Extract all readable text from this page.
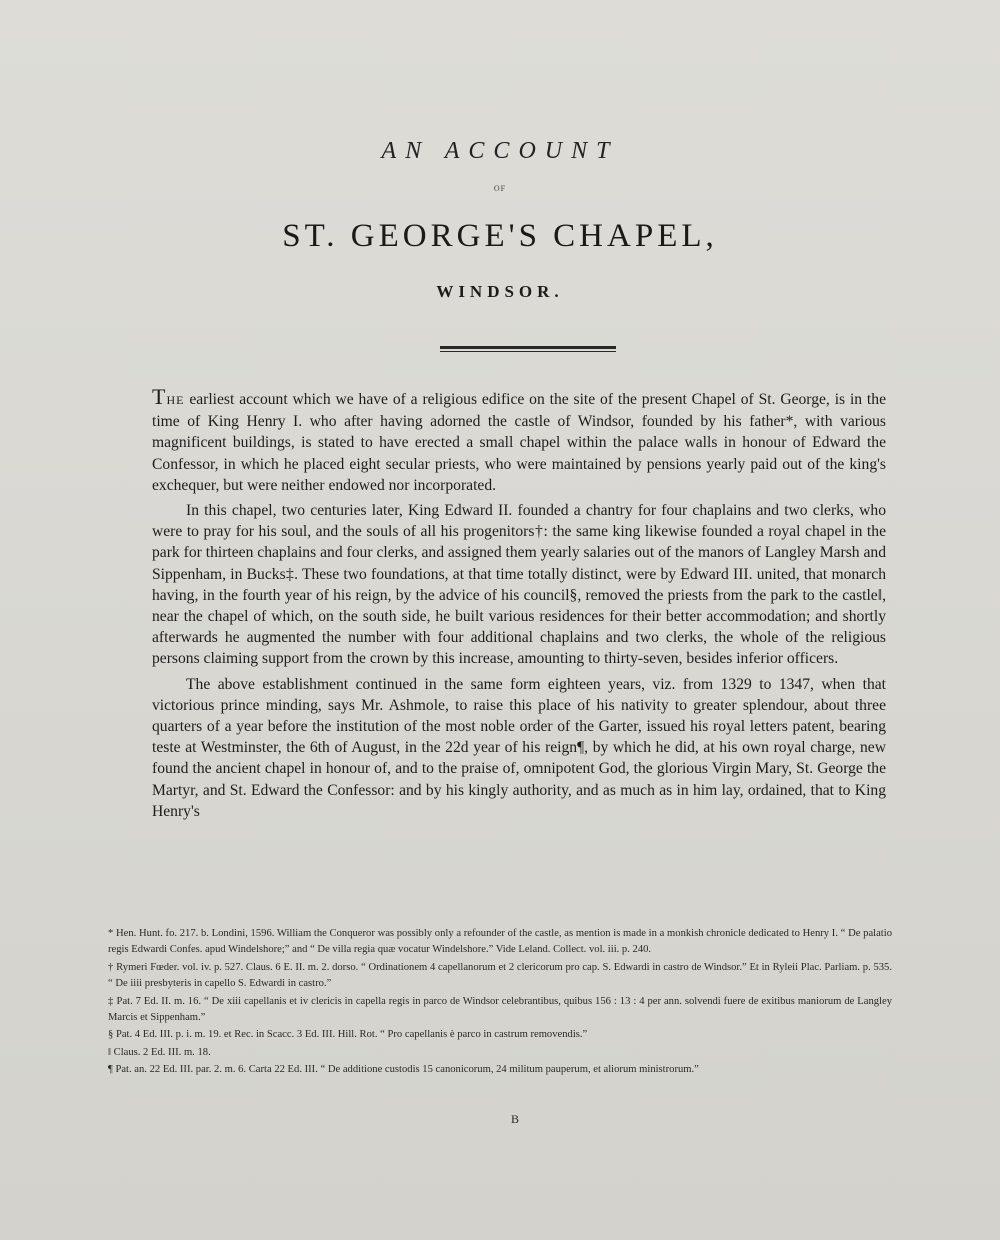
AN ACCOUNT
OF
ST. GEORGE'S CHAPEL,
WINDSOR.

THE earliest account which we have of a religious edifice on the site of the present Chapel of St. George, is in the time of King Henry I. who after having adorned the castle of Windsor, founded by his father*, with various magnificent buildings, is stated to have erected a small chapel within the palace walls in honour of Edward the Confessor, in which he placed eight secular priests, who were maintained by pensions yearly paid out of the king's exchequer, but were neither endowed nor incorporated.

In this chapel, two centuries later, King Edward II. founded a chantry for four chaplains and two clerks, who were to pray for his soul, and the souls of all his progenitors†: the same king likewise founded a royal chapel in the park for thirteen chaplains and four clerks, and assigned them yearly salaries out of the manors of Langley Marsh and Sippenham, in Bucks‡. These two foundations, at that time totally distinct, were by Edward III. united, that monarch having, in the fourth year of his reign, by the advice of his council§, removed the priests from the park to the castle‖, near the chapel of which, on the south side, he built various residences for their better accommodation; and shortly afterwards he augmented the number with four additional chaplains and two clerks, the whole of the religious persons claiming support from the crown by this increase, amounting to thirty-seven, besides inferior officers.

The above establishment continued in the same form eighteen years, viz. from 1329 to 1347, when that victorious prince minding, says Mr. Ashmole, to raise this place of his nativity to greater splendour, about three quarters of a year before the institution of the most noble order of the Garter, issued his royal letters patent, bearing teste at Westminster, the 6th of August, in the 22d year of his reign¶, by which he did, at his own royal charge, new found the ancient chapel in honour of, and to the praise of, omnipotent God, the glorious Virgin Mary, St. George the Martyr, and St. Edward the Confessor: and by his kingly authority, and as much as in him lay, ordained, that to King Henry's

* Hen. Hunt. fo. 217. b. Londini, 1596. William the Conqueror was possibly only a refounder of the castle, as mention is made in a monkish chronicle dedicated to Henry I. “ De palatio regis Edwardi Confes. apud Windelshore;” and “ De villa regia quæ vocatur Windelshore.” Vide Leland. Collect. vol. iii. p. 240.

† Rymeri Fœder. vol. iv. p. 527. Claus. 6 E. II. m. 2. dorso. “ Ordinationem 4 capellanorum et 2 clericorum pro cap. S. Edwardi in castro de Windsor.” Et in Ryleii Plac. Parliam. p. 535. “ De iiii presbyteris in capello S. Edwardi in castro.”

‡ Pat. 7 Ed. II. m. 16. “ De xiii capellanis et iv clericis in capella regis in parco de Windsor celebrantibus, quibus 156 : 13 : 4 per ann. solvendi fuere de exitibus maniorum de Langley Marcis et Sippenham.”

§ Pat. 4 Ed. III. p. i. m. 19. et Rec. in Scacc. 3 Ed. III. Hill. Rot. “ Pro capellanis è parco in castrum removendis.”

‖ Claus. 2 Ed. III. m. 18.

¶ Pat. an. 22 Ed. III. par. 2. m. 6. Carta 22 Ed. III. “ De additione custodis 15 canonicorum, 24 militum pauperum, et aliorum ministrorum.”

B
